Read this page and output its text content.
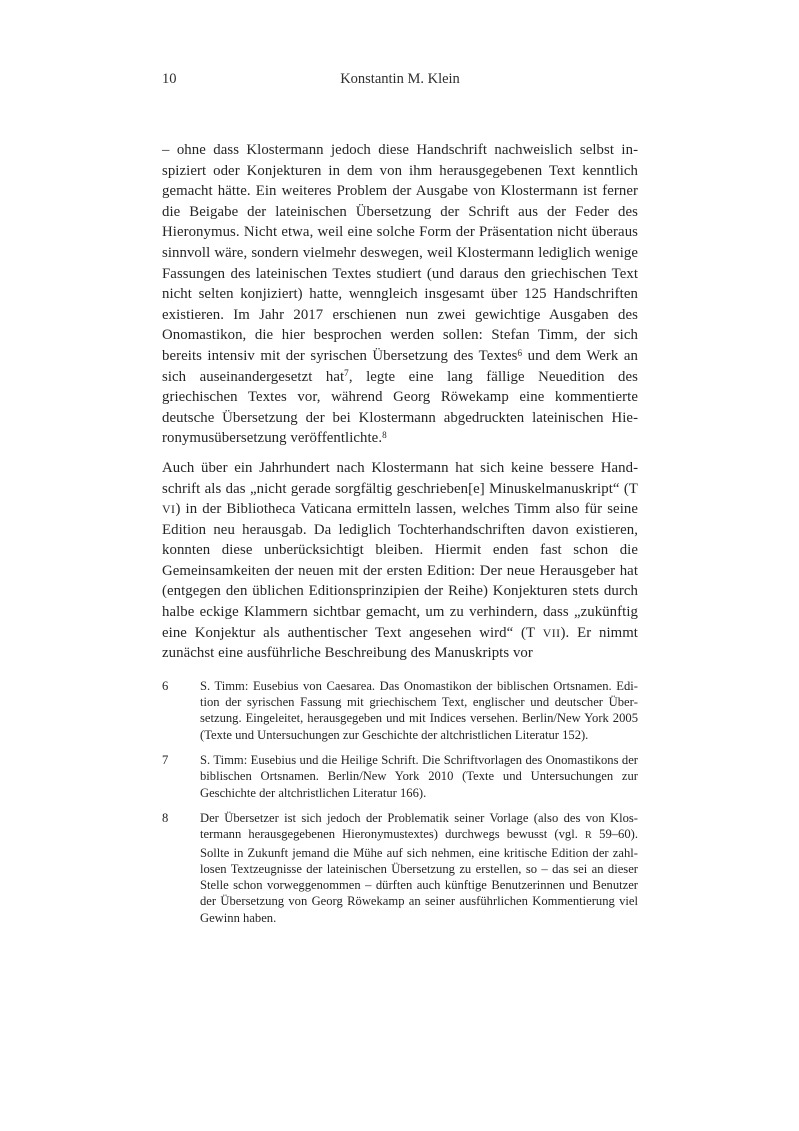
10	Konstantin M. Klein

– ohne dass Klostermann jedoch diese Handschrift nachweislich selbst inspiziert oder Konjekturen in dem von ihm herausgegebenen Text kenntlich gemacht hätte. Ein weiteres Problem der Ausgabe von Klostermann ist ferner die Beigabe der lateinischen Übersetzung der Schrift aus der Feder des Hieronymus. Nicht etwa, weil eine solche Form der Präsentation nicht überaus sinnvoll wäre, sondern vielmehr deswegen, weil Klostermann lediglich wenige Fassungen des lateinischen Textes studiert (und daraus den griechischen Text nicht selten konjiziert) hatte, wenngleich insgesamt über 125 Handschriften existieren. Im Jahr 2017 erschienen nun zwei gewichtige Ausgaben des Onomastikon, die hier besprochen werden sollen: Stefan Timm, der sich bereits intensiv mit der syrischen Übersetzung des Textes$^6$ und dem Werk an sich auseinandergesetzt hat$^7$, legte eine lang fällige Neuedition des griechischen Textes vor, während Georg Röwekamp eine kommentierte deutsche Übersetzung der bei Klostermann abgedruckten lateinischen Hieronymusübersetzung veröffentlichte.$^8$

Auch über ein Jahrhundert nach Klostermann hat sich keine bessere Handschrift als das „nicht gerade sorgfältig geschrieben[e] Minuskelmanuskript“ (T VI) in der Bibliotheca Vaticana ermitteln lassen, welches Timm also für seine Edition neu herausgab. Da lediglich Tochterhandschriften davon existieren, konnten diese unberücksichtigt bleiben. Hiermit enden fast schon die Gemeinsamkeiten der neuen mit der ersten Edition: Der neue Herausgeber hat (entgegen den üblichen Editionsprinzipien der Reihe) Konjekturen stets durch halbe eckige Klammern sichtbar gemacht, um zu verhindern, dass „zukünftig eine Konjektur als authentischer Text angesehen wird“ (T VII). Er nimmt zunächst eine ausführliche Beschreibung des Manuskripts vor

6	S. Timm: Eusebius von Caesarea. Das Onomastikon der biblischen Ortsnamen. Edition der syrischen Fassung mit griechischem Text, englischer und deutscher Übersetzung. Eingeleitet, herausgegeben und mit Indices versehen. Berlin/New York 2005 (Texte und Untersuchungen zur Geschichte der altchristlichen Literatur 152).

7	S. Timm: Eusebius und die Heilige Schrift. Die Schriftvorlagen des Onomastikons der biblischen Ortsnamen. Berlin/New York 2010 (Texte und Untersuchungen zur Geschichte der altchristlichen Literatur 166).

8	Der Übersetzer ist sich jedoch der Problematik seiner Vorlage (also des von Klostermann herausgegebenen Hieronymustextes) durchwegs bewusst (vgl. R 59–60). Sollte in Zukunft jemand die Mühe auf sich nehmen, eine kritische Edition der zahllosen Textzeugnisse der lateinischen Übersetzung zu erstellen, so – das sei an dieser Stelle schon vorweggenommen – dürften auch künftige Benutzerinnen und Benutzer der Übersetzung von Georg Röwekamp an seiner ausführlichen Kommentierung viel Gewinn haben.
